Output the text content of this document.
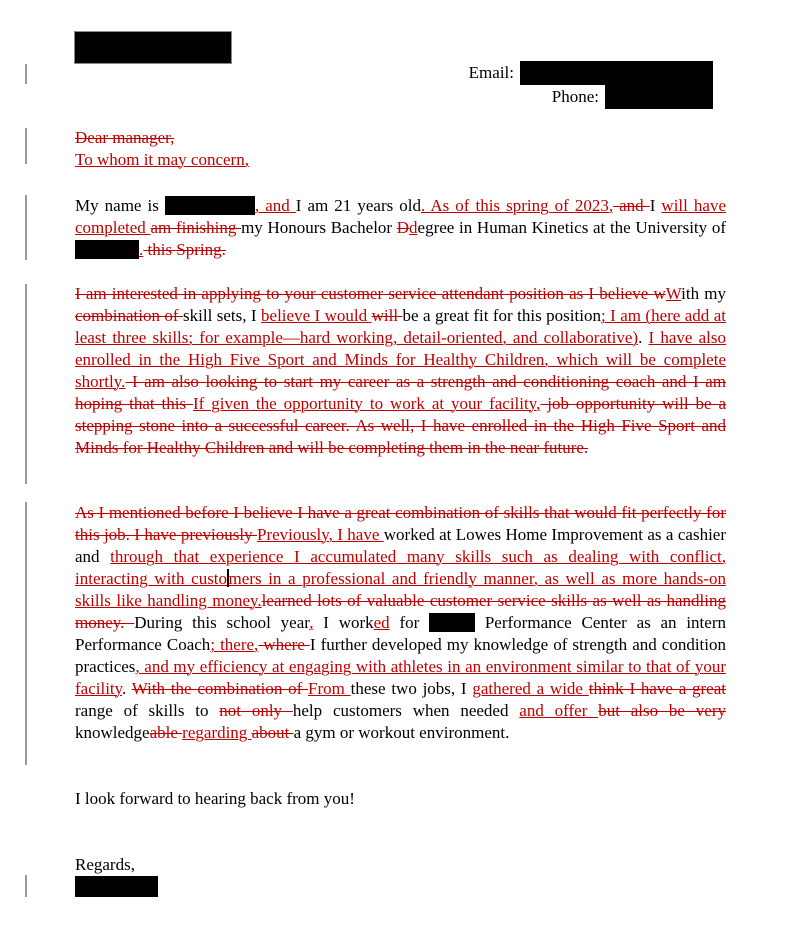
Email:
Phone:
Dear manager,
To whom it may concern,
My name is	, and I am 21 years old. As of this spring of 2023, and I will have completed am finishing my Honours Bachelor Ddegree in Human Kinetics at the University of . this Spring.
I am interested in applying to your customer service attendant position as I believe wWith my combination of skill sets, I believe I would will be a great fit for this position; I am (here add at least three skills; for example—hard working, detail-oriented, and collaborative). I have also enrolled in the High Five Sport and Minds for Healthy Children, which will be complete shortly. I am also looking to start my career as a strength and conditioning coach and I am hoping that this If given the opportunity to work at your facility, job opportunity will be a stepping stone into a successful career. As well, I have enrolled in the High Five Sport and Minds for Healthy Children and will be completing them in the near future.
As I mentioned before I believe I have a great combination of skills that would fit perfectly for this job. I have previously Previously, I have worked at Lowes Home Improvement as a cashier and through that experience I accumulated many skills such as dealing with conflict, interacting with customers in a professional and friendly manner, as well as more hands-on skills like handling money.learned lots of valuable customer service skills as well as handling money. During this school year, I worked for	Performance Center as an intern Performance Coach; there, where I further developed my knowledge of strength and condition practices, and my efficiency at engaging with athletes in an environment similar to that of your facility. With the combination of From these two jobs, I gathered a wide think I have a great range of skills to not only help customers when needed and offer but also be very knowledgeable regarding about a gym or workout environment.
I look forward to hearing back from you!
Regards,
